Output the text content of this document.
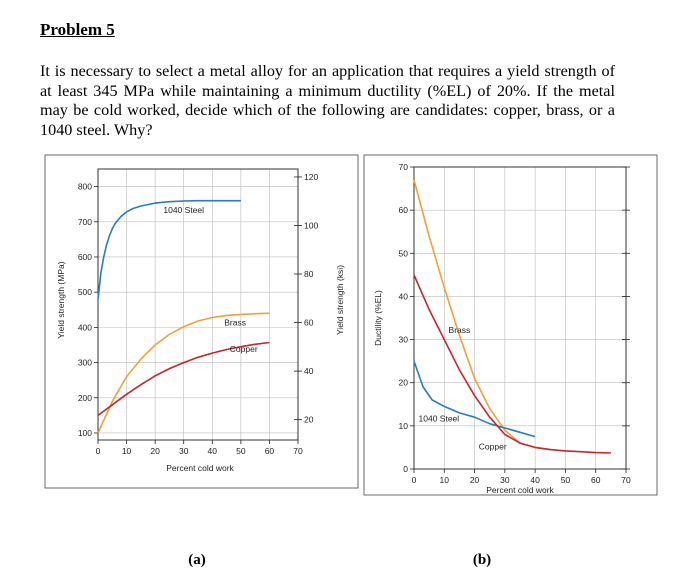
Problem 5

It is necessary to select a metal alloy for an application that requires a yield strength of at least 345 MPa while maintaining a minimum ductility (%EL) of 20%. If the metal may be cold worked, decide which of the following are candidates: copper, brass, or a 1040 steel. Why?

0	10 20 30 40 50 60 70
100
200
300
400
500
600
700
800
20
40
60
80
100
120
1040 Steel
Brass
Copper
Percent cold work
Yield strength (MPa)	Yield strength (ksi)
(a)
0	10 20 30 40 50 60 70
0
10
20
30
40
50
60
70
Brass
1040 Steel
Copper
Percent cold work
Ductility (%EL)
(b)
